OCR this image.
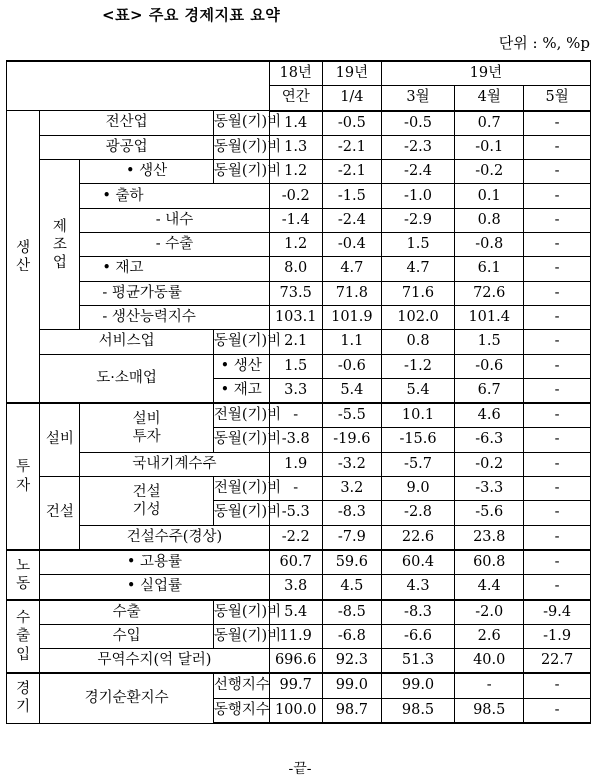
<표> 주요 경제지표 요약
단위 : %, %p
				18년	19년	19년		
				연간	1/4	3월	4월	5월

생
산	전산업		동월(기)비	1.4	-0.5	-0.5	0.7	-
	광공업		동월(기)비	1.3	-2.1	-2.3	-0.1	-

	제
조
업	• 생산	동월(기)비	1.2	-2.1	-2.4	-0.2	-
		• 출하		-0.2	-1.5	-1.0	0.1	-
		- 내수		-1.4	-2.4	-2.9	0.8	-
		- 수출		1.2	-0.4	1.5	-0.8	-
		• 재고		8.0	4.7	4.7	6.1	-
		- 평균가동률		73.5	71.8	71.6	72.6	-
		- 생산능력지수		103.1	101.9	102.0	101.4	-
	서비스업		동월(기)비	2.1	1.1	0.8	1.5	-
	도·소매업		• 생산	1.5	-0.6	-1.2	-0.6	-
			• 재고	3.3	5.4	5.4	6.7	-

투
자	설비	설비
투자	전월(기)비	-	-5.5	10.1	4.6	-
			동월(기)비	-3.8	-19.6	-15.6	-6.3	-
		국내기계수주		1.9	-3.2	-5.7	-0.2	-
	건설	건설
기성	전월(기)비	-	3.2	9.0	-3.3	-
			동월(기)비	-5.3	-8.3	-2.8	-5.6	-
		건설수주(경상)		-2.2	-7.9	22.6	23.8	-

노
동	• 고용률			60.7	59.6	60.4	60.8	-
	• 실업률			3.8	4.5	4.3	4.4	-

수
출
입	수출		동월(기)비	5.4	-8.5	-8.3	-2.0	-9.4
	수입		동월(기)비	11.9	-6.8	-6.6	2.6	-1.9
	무역수지(억 달러)			696.6	92.3	51.3	40.0	22.7

경
기	경기순환지수		선행지수	99.7	99.0	99.0	-	-
			동행지수	100.0	98.7	98.5	98.5	-
-끝-
